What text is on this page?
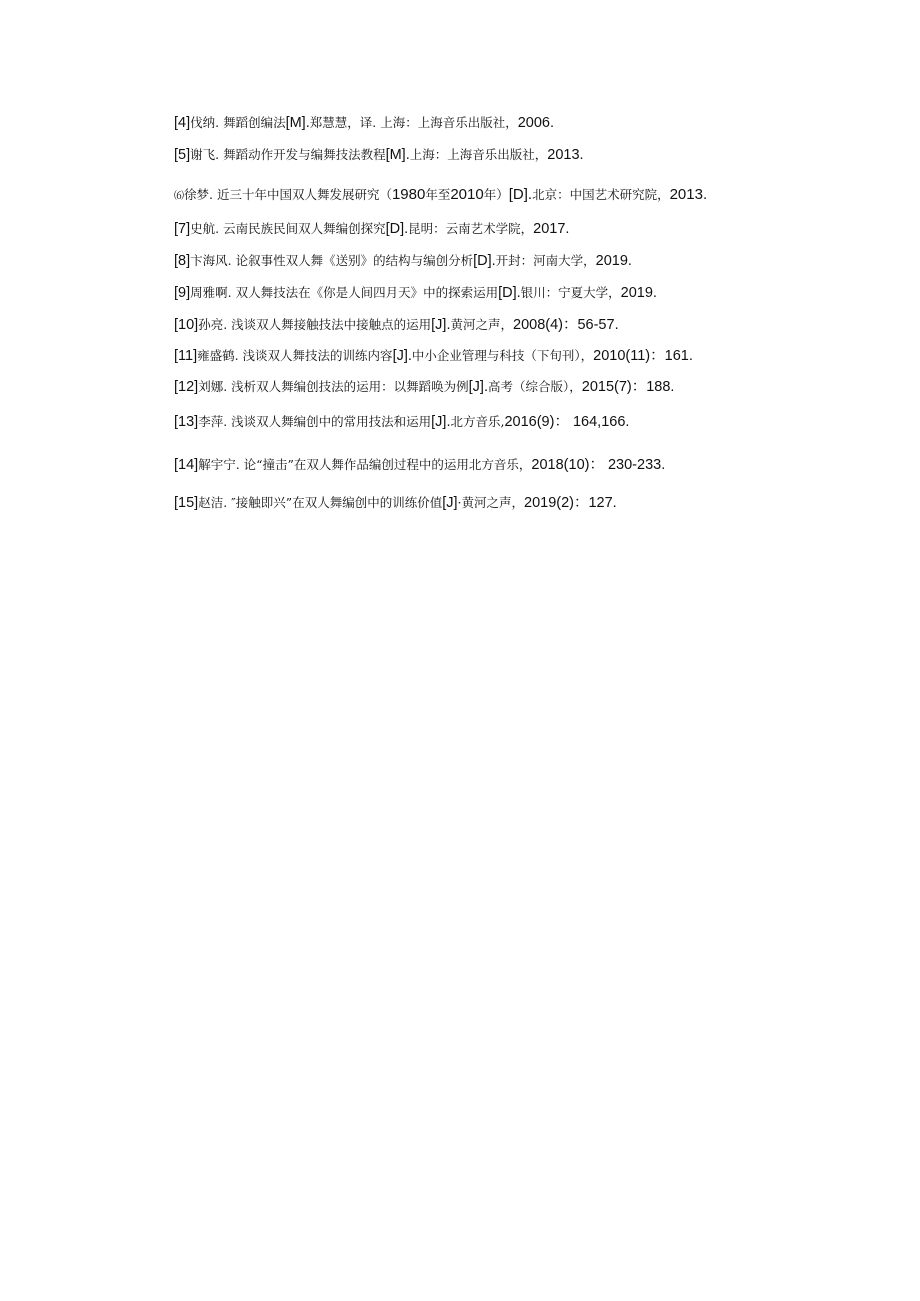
[4]伐纳. 舞蹈创编法[M].郑慧慧，译. 上海：上海音乐出版社，2006.
[5]谢飞. 舞蹈动作开发与编舞技法教程[M].上海：上海音乐出版社，2013.
⑹徐梦. 近三十年中国双人舞发展研究（1980年至2010年）[D].北京：中国艺术研究院，2013.
[7]史航. 云南民族民间双人舞编创探究[D].昆明：云南艺术学院，2017.
[8]卞海风. 论叙事性双人舞《送别》的结构与编创分析[D].开封：河南大学，2019.
[9]周雅啊. 双人舞技法在《你是人间四月天》中的探索运用[D].银川：宁夏大学，2019.
[10]孙亮. 浅谈双人舞接触技法中接触点的运用[J].黄河之声，2008(4)：56-57.
[11]雍盛鹤. 浅谈双人舞技法的训练内容[J].中小企业管理与科技（下旬刊），2010(11)：161.
[12]刘娜. 浅析双人舞编创技法的运用：以舞蹈唤为例[J].高考（综合版），2015(7)：188.
[13]李萍. 浅谈双人舞编创中的常用技法和运用[J].北方音乐,2016(9)： 164,166.
[14]解宇宁. 论“撞击”在双人舞作品编创过程中的运用北方音乐，2018(10)： 230-233.
[15]赵洁. ″接触即兴”在双人舞编创中的训练价值[J]·黄河之声，2019(2)：127.
